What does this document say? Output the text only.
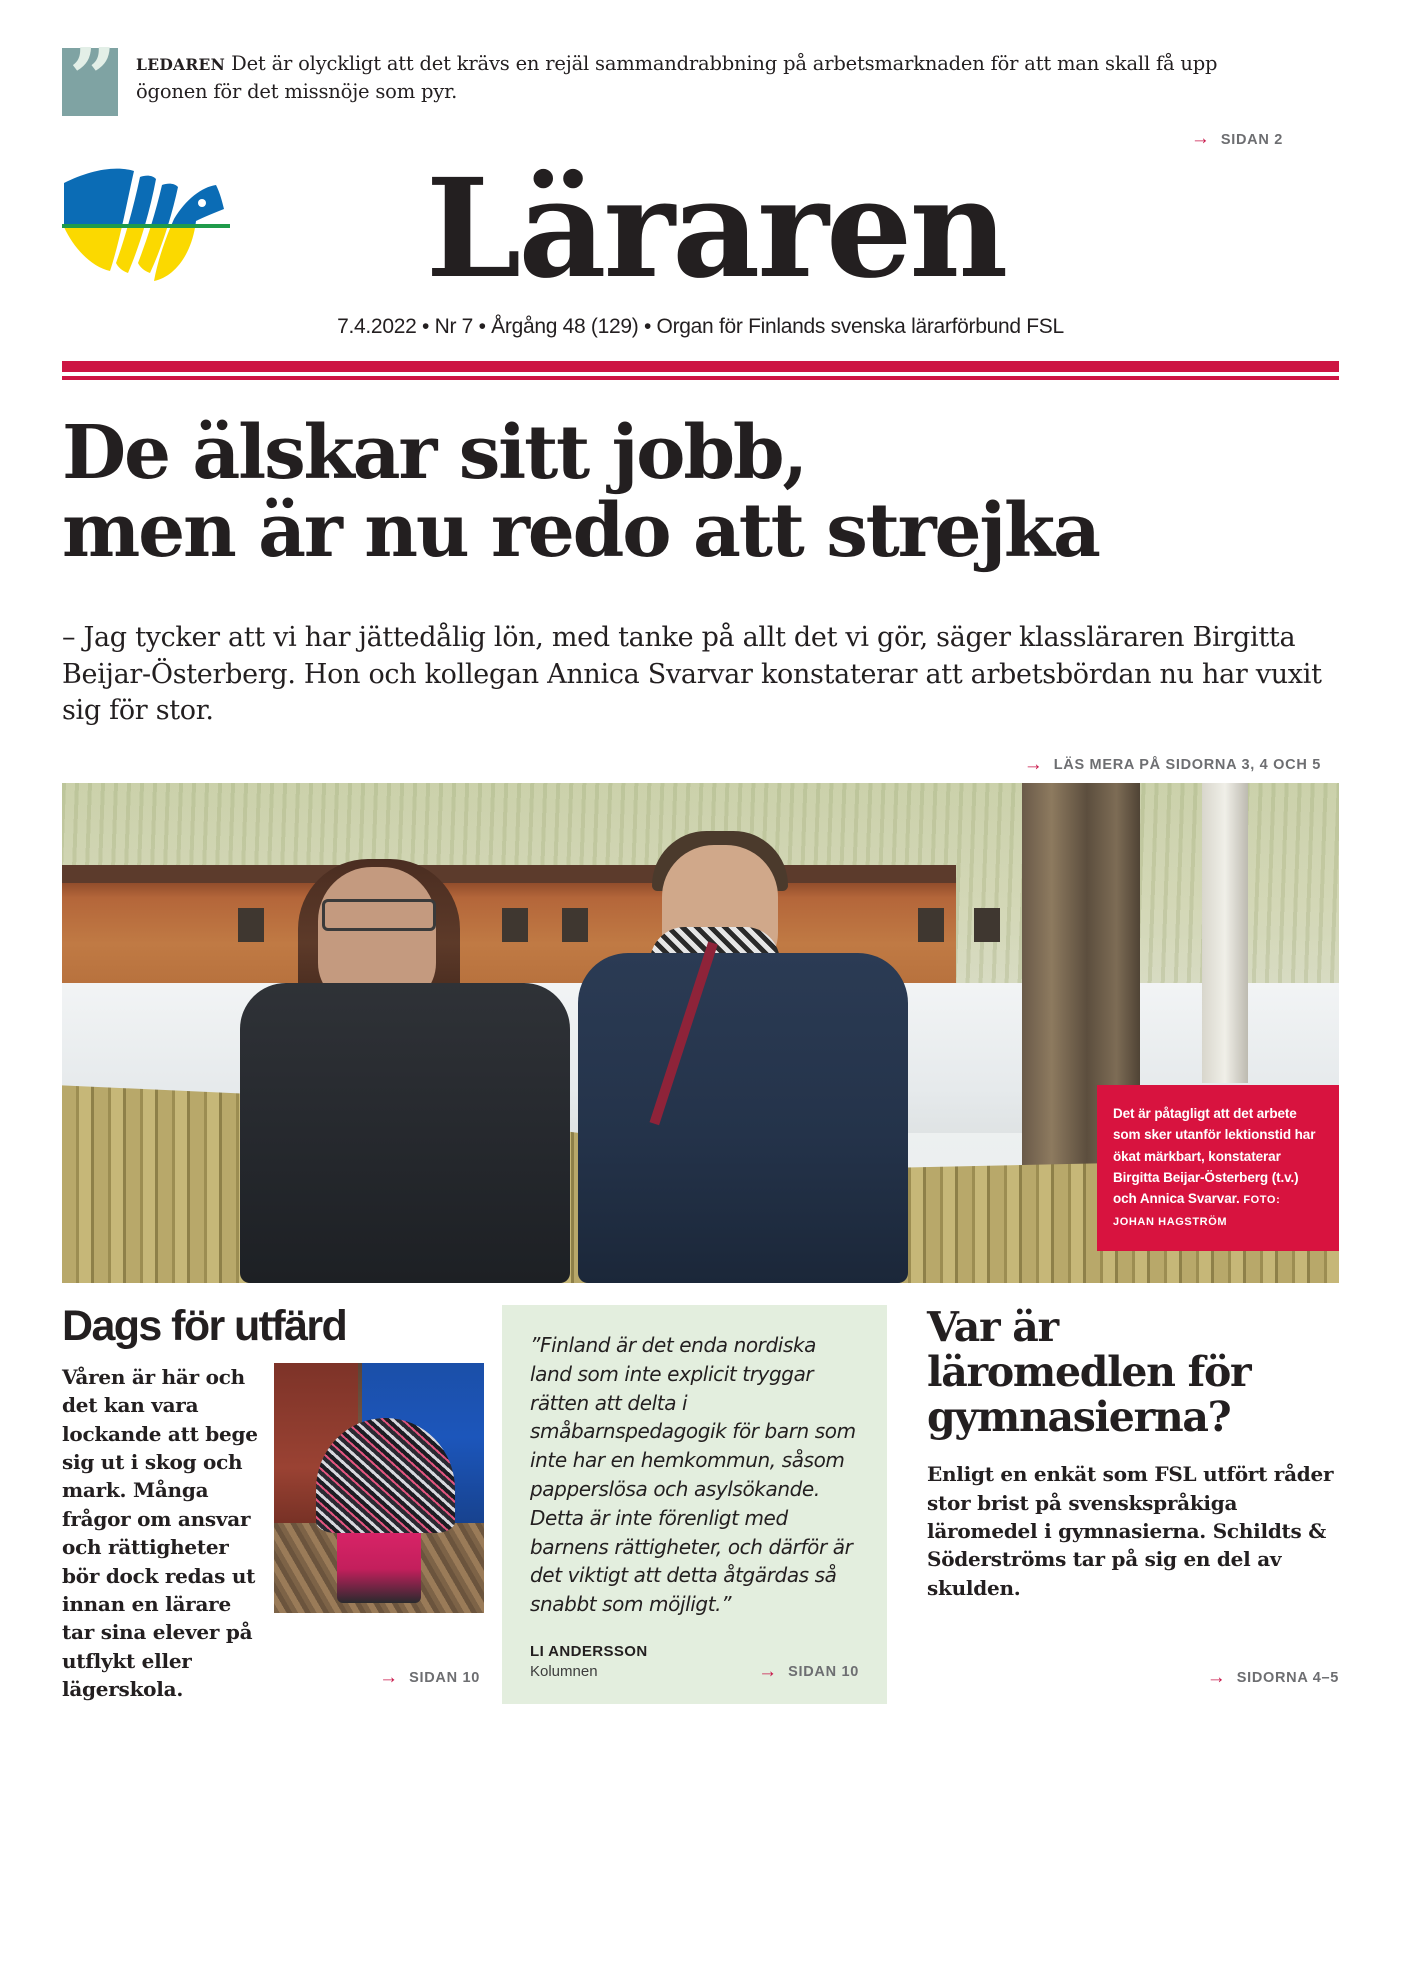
” LEDAREN Det är olyckligt att det krävs en rejäl sammandrabbning på arbetsmarknaden för att man skall få upp ögonen för det missnöje som pyr.
→ SIDAN 2
Läraren
7.4.2022 • Nr 7 • Årgång 48 (129) • Organ för Finlands svenska lärarförbund FSL
De älskar sitt jobb,
men är nu redo att strejka

– Jag tycker att vi har jättedålig lön, med tanke på allt det vi gör, säger klassläraren Birgitta Beijar-Österberg. Hon och kollegan Annica Svarvar konstaterar att arbetsbördan nu har vuxit sig för stor.

→ LÄS MERA PÅ SIDORNA 3, 4 OCH 5
Det är påtagligt att det arbete som sker utanför lektionstid har ökat märkbart, konstaterar Birgitta Beijar-Österberg (t.v.) och Annica Svarvar. FOTO: JOHAN HAGSTRÖM
Dags för utfärd
Våren är här och det kan vara lockande att bege sig ut i skog och mark. Många frågor om ansvar och rättigheter bör dock redas ut innan en lärare tar sina elever på utflykt eller lägerskola.
→ SIDAN 10

”Finland är det enda nordiska land som inte explicit tryggar rätten att delta i småbarnspedagogik för barn som inte har en hemkommun, såsom papperslösa och asylsökande. Detta är inte förenligt med barnens rättigheter, och därför är det viktigt att detta åtgärdas så snabbt som möjligt.”

LI ANDERSSON
Kolumnen	→ SIDAN 10
Var är
läromedlen för
gymnasierna?
Enligt en enkät som FSL utfört råder stor brist på svenskspråkiga läromedel i gymnasierna. Schildts & Söderströms tar på sig en del av skulden.
→ SIDORNA 4–5
